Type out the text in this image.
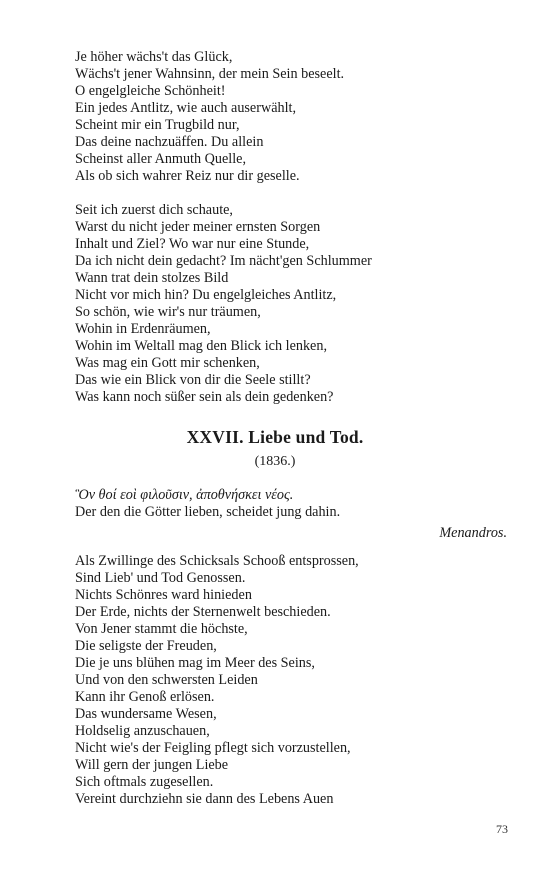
Je höher wächs't das Glück,
Wächs't jener Wahnsinn, der mein Sein beseelt.
O engelgleiche Schönheit!
Ein jedes Antlitz, wie auch auserwählt,
Scheint mir ein Trugbild nur,
Das deine nachzuäffen. Du allein
Scheinst aller Anmuth Quelle,
Als ob sich wahrer Reiz nur dir geselle.
Seit ich zuerst dich schaute,
Warst du nicht jeder meiner ernsten Sorgen
Inhalt und Ziel? Wo war nur eine Stunde,
Da ich nicht dein gedacht? Im nächt'gen Schlummer
Wann trat dein stolzes Bild
Nicht vor mich hin? Du engelgleiches Antlitz,
So schön, wie wir's nur träumen,
Wohin in Erdenräumen,
Wohin im Weltall mag den Blick ich lenken,
Was mag ein Gott mir schenken,
Das wie ein Blick von dir die Seele stillt?
Was kann noch süßer sein als dein gedenken?
XXVII. Liebe und Tod.
(1836.)
Ὃν θοί εοὶ φιλοῦσιν, ἀποθνήσκει νέος.
Der den die Götter lieben, scheidet jung dahin.
Menandros.
Als Zwillinge des Schicksals Schooß entsprossen,
Sind Lieb' und Tod Genossen.
Nichts Schönres ward hinieden
Der Erde, nichts der Sternenwelt beschieden.
Von Jener stammt die höchste,
Die seligste der Freuden,
Die je uns blühen mag im Meer des Seins,
Und von den schwersten Leiden
Kann ihr Genoß erlösen.
Das wundersame Wesen,
Holdselig anzuschauen,
Nicht wie's der Feigling pflegt sich vorzustellen,
Will gern der jungen Liebe
Sich oftmals zugesellen.
Vereint durchziehn sie dann des Lebens Auen
73
